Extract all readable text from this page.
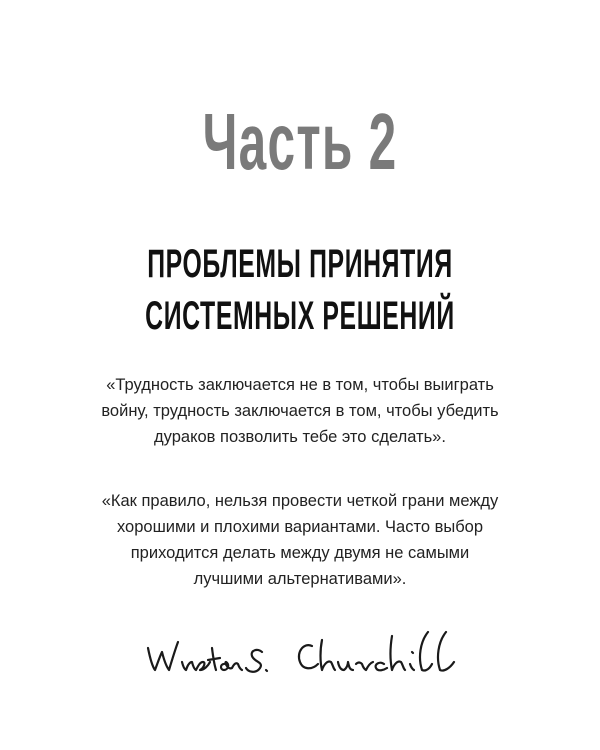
Часть 2
ПРОБЛЕМЫ ПРИНЯТИЯ
СИСТЕМНЫХ РЕШЕНИЙ
«Трудность заключается не в том, чтобы выиграть войну, трудность заключается в том, чтобы убедить дураков позволить тебе это сделать».
«Как правило, нельзя провести четкой грани между хорошими и плохими вариантами. Часто выбор приходится делать между двумя не самыми лучшими альтернативами».
